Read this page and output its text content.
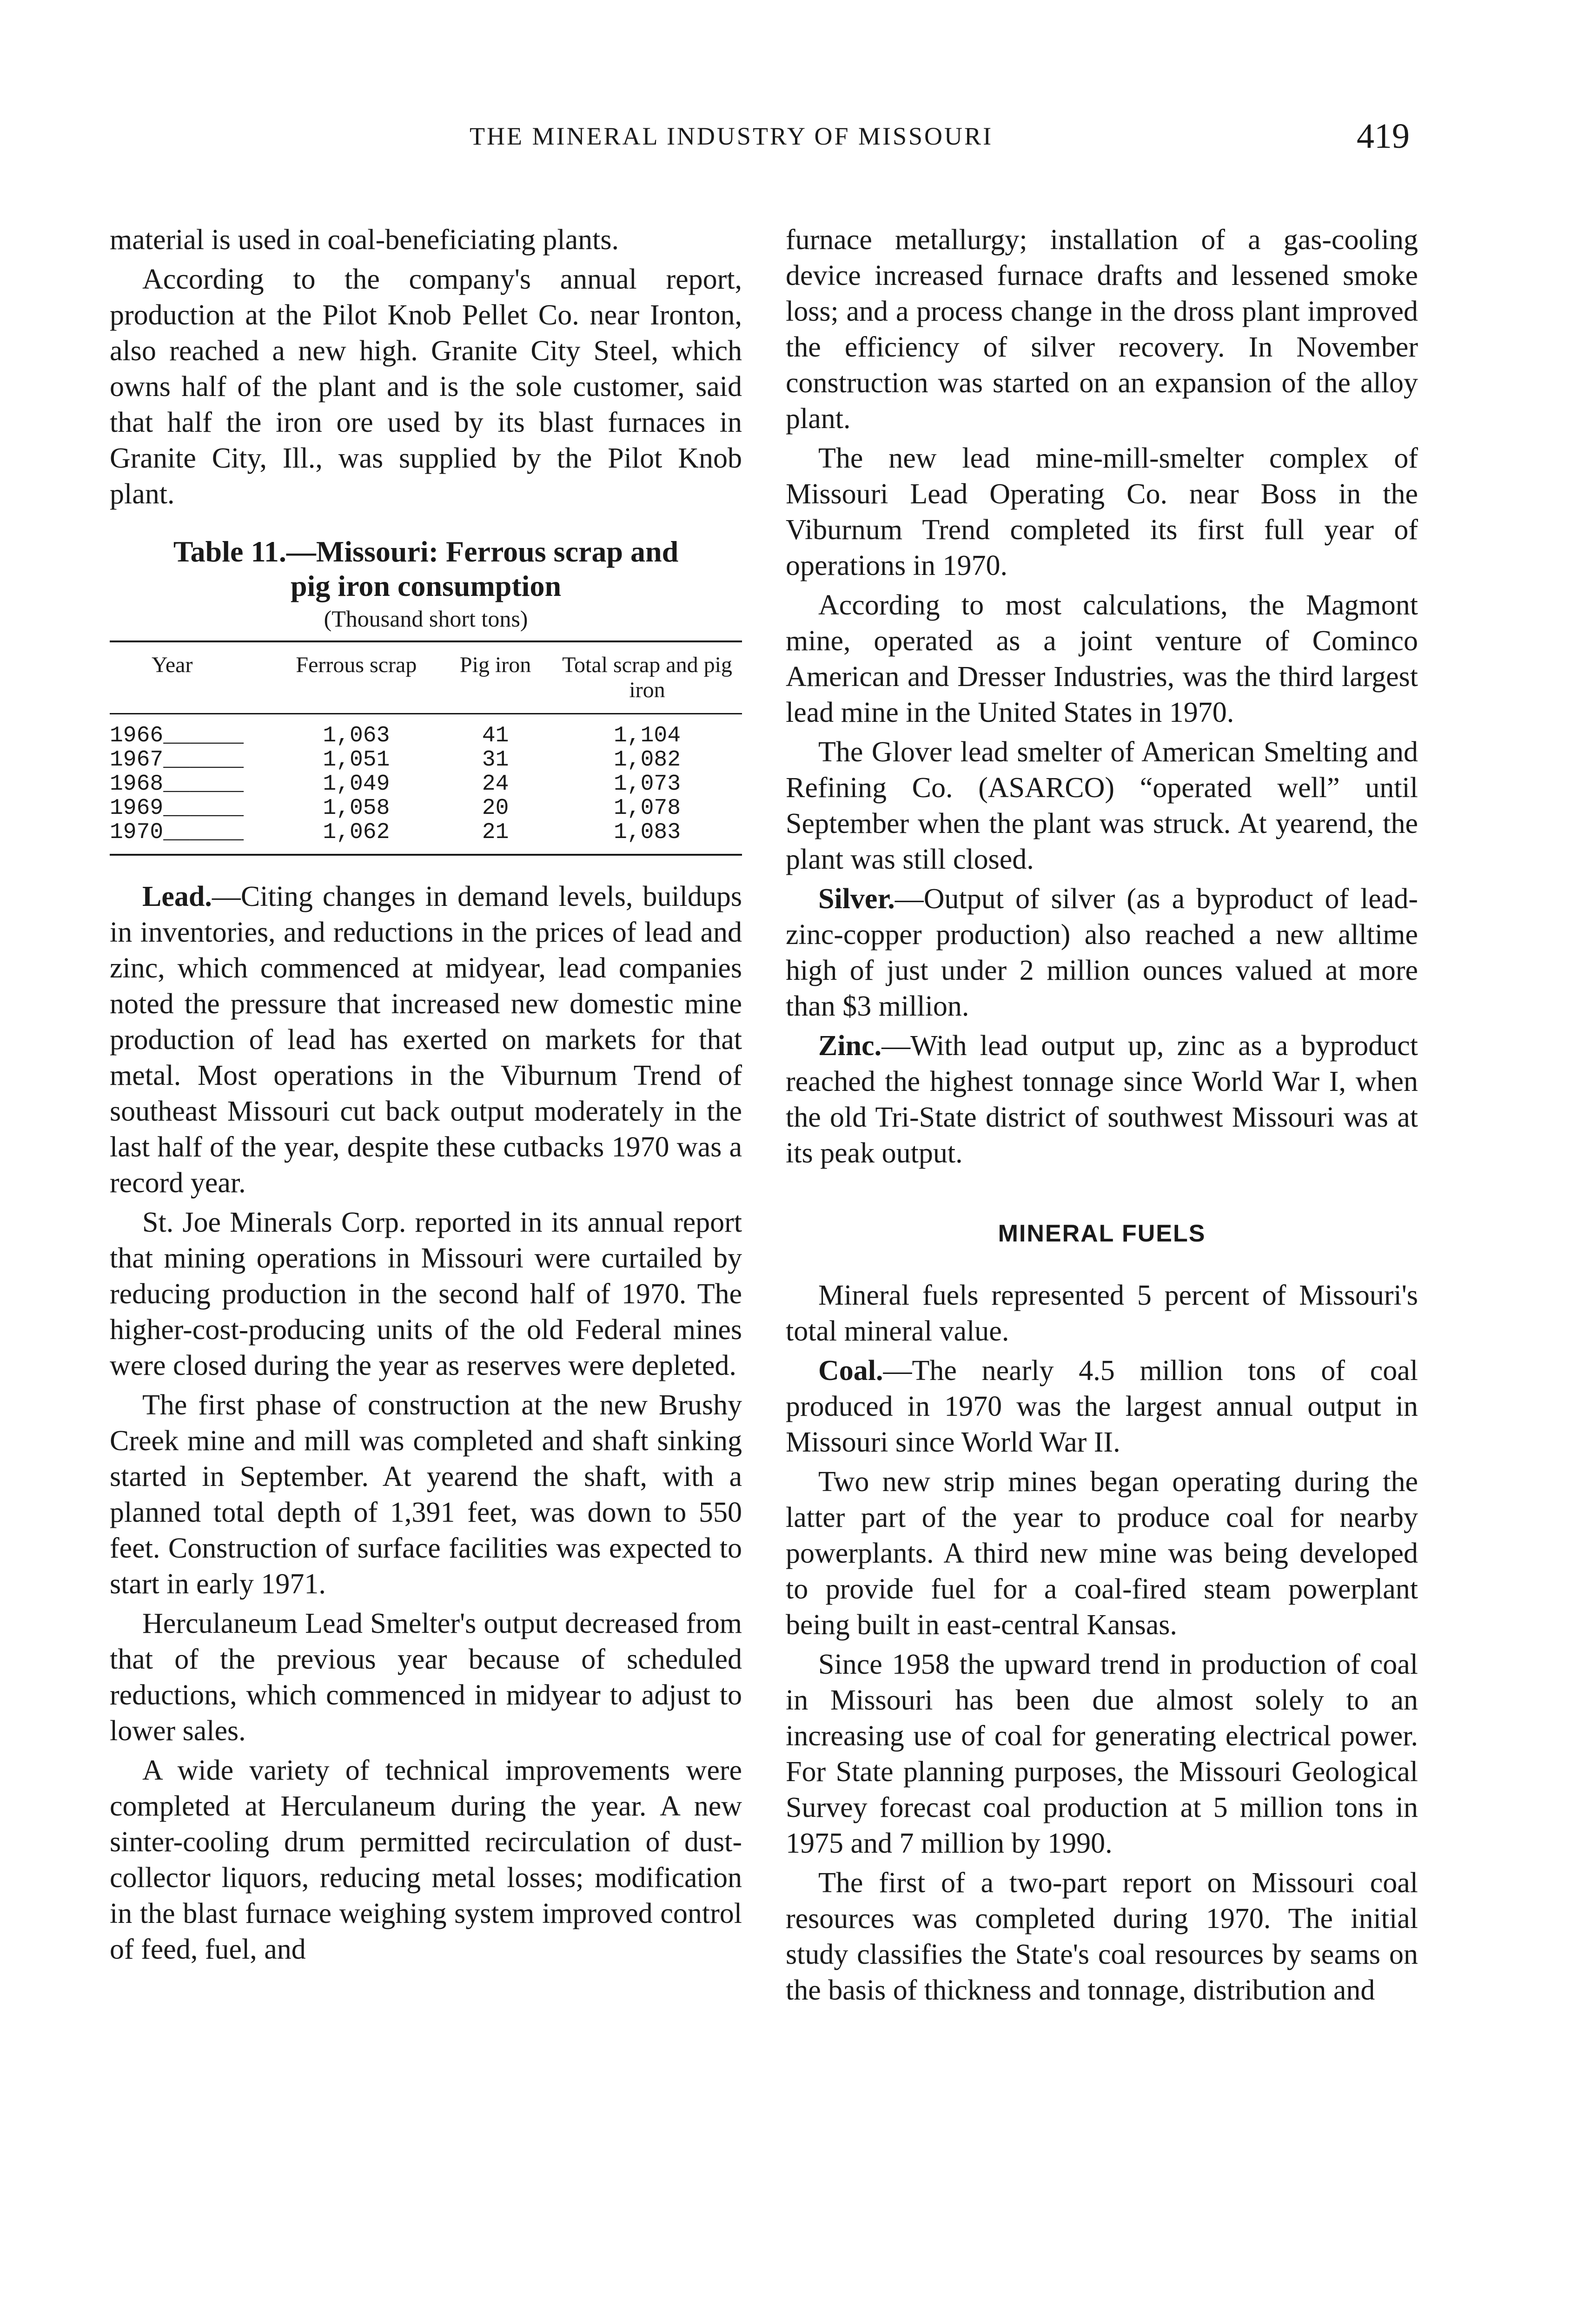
THE MINERAL INDUSTRY OF MISSOURI	419

material is used in coal-beneficiating plants.

According to the company's annual report, production at the Pilot Knob Pellet Co. near Ironton, also reached a new high. Granite City Steel, which owns half of the plant and is the sole customer, said that half the iron ore used by its blast furnaces in Granite City, Ill., was supplied by the Pilot Knob plant.

Table 11.—Missouri: Ferrous scrap and
pig iron consumption
(Thousand short tons)
Year	Ferrous scrap	Pig iron	Total scrap and pig iron
1966______	1,063	41	1,104
1967______	1,051	31	1,082
1968______	1,049	24	1,073
1969______	1,058	20	1,078
1970______	1,062	21	1,083

Lead.—Citing changes in demand levels, buildups in inventories, and reductions in the prices of lead and zinc, which commenced at midyear, lead companies noted the pressure that increased new domestic mine production of lead has exerted on markets for that metal. Most operations in the Viburnum Trend of southeast Missouri cut back output moderately in the last half of the year, despite these cutbacks 1970 was a record year.

St. Joe Minerals Corp. reported in its annual report that mining operations in Missouri were curtailed by reducing production in the second half of 1970. The higher-cost-producing units of the old Federal mines were closed during the year as reserves were depleted.

The first phase of construction at the new Brushy Creek mine and mill was completed and shaft sinking started in September. At yearend the shaft, with a planned total depth of 1,391 feet, was down to 550 feet. Construction of surface facilities was expected to start in early 1971.

Herculaneum Lead Smelter's output decreased from that of the previous year because of scheduled reductions, which commenced in midyear to adjust to lower sales.

A wide variety of technical improvements were completed at Herculaneum during the year. A new sinter-cooling drum permitted recirculation of dust-collector liquors, reducing metal losses; modification in the blast furnace weighing system improved control of feed, fuel, and

furnace metallurgy; installation of a gas-cooling device increased furnace drafts and lessened smoke loss; and a process change in the dross plant improved the efficiency of silver recovery. In November construction was started on an expansion of the alloy plant.

The new lead mine-mill-smelter complex of Missouri Lead Operating Co. near Boss in the Viburnum Trend completed its first full year of operations in 1970.

According to most calculations, the Magmont mine, operated as a joint venture of Cominco American and Dresser Industries, was the third largest lead mine in the United States in 1970.

The Glover lead smelter of American Smelting and Refining Co. (ASARCO) “operated well” until September when the plant was struck. At yearend, the plant was still closed.

Silver.—Output of silver (as a byproduct of lead-zinc-copper production) also reached a new alltime high of just under 2 million ounces valued at more than $3 million.

Zinc.—With lead output up, zinc as a byproduct reached the highest tonnage since World War I, when the old Tri-State district of southwest Missouri was at its peak output.

MINERAL FUELS

Mineral fuels represented 5 percent of Missouri's total mineral value.

Coal.—The nearly 4.5 million tons of coal produced in 1970 was the largest annual output in Missouri since World War II.

Two new strip mines began operating during the latter part of the year to produce coal for nearby powerplants. A third new mine was being developed to provide fuel for a coal-fired steam powerplant being built in east-central Kansas.

Since 1958 the upward trend in production of coal in Missouri has been due almost solely to an increasing use of coal for generating electrical power. For State planning purposes, the Missouri Geological Survey forecast coal production at 5 million tons in 1975 and 7 million by 1990.

The first of a two-part report on Missouri coal resources was completed during 1970. The initial study classifies the State's coal resources by seams on the basis of thickness and tonnage, distribution and
